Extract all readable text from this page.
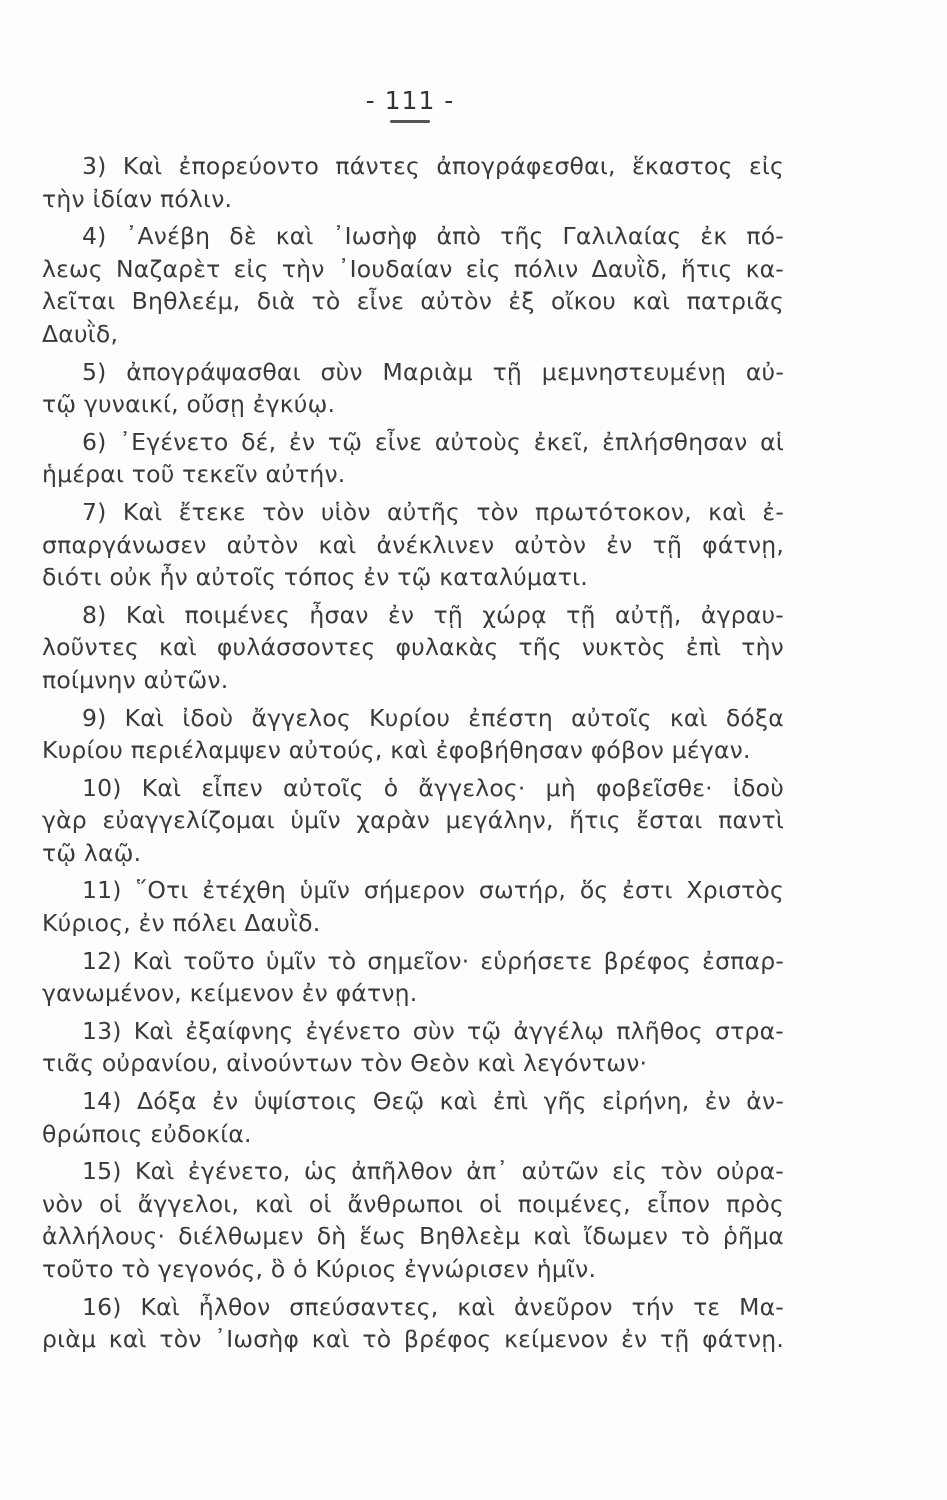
- 111 -
3) Καὶ ἐπορεύοντο πάντες ἀπογράφεσθαι, ἕκαστος εἰς
τὴν ἰδίαν πόλιν.
4) ᾿Ανέβη δὲ καὶ ᾿Ιωσὴφ ἀπὸ τῆς Γαλιλαίας ἐκ πό-
λεως Ναζαρὲτ εἰς τὴν ᾿Ιουδαίαν εἰς πόλιν Δαυῒδ, ἥτις κα-
λεῖται Βηθλεέμ, διὰ τὸ εἶνε αὐτὸν ἐξ οἴκου καὶ πατριᾶς
Δαυῒδ,
5) ἀπογράψασθαι σὺν Μαριὰμ τῇ μεμνηστευμένῃ αὐ-
τῷ γυναικί, οὔσῃ ἐγκύῳ.
6) ᾿Εγένετο δέ, ἐν τῷ εἶνε αὐτοὺς ἐκεῖ, ἐπλήσθησαν αἱ
ἡμέραι τοῦ τεκεῖν αὐτήν.
7) Καὶ ἔτεκε τὸν υἱὸν αὐτῆς τὸν πρωτότοκον, καὶ ἐ-
σπαργάνωσεν αὐτὸν καὶ ἀνέκλινεν αὐτὸν ἐν τῇ φάτνῃ,
διότι οὐκ ἦν αὐτοῖς τόπος ἐν τῷ καταλύματι.
8) Καὶ ποιμένες ἦσαν ἐν τῇ χώρᾳ τῇ αὐτῇ, ἀγραυ-
λοῦντες καὶ φυλάσσοντες φυλακὰς τῆς νυκτὸς ἐπὶ τὴν
ποίμνην αὐτῶν.
9) Καὶ ἰδοὺ ἄγγελος Κυρίου ἐπέστη αὐτοῖς καὶ δόξα
Κυρίου περιέλαμψεν αὐτούς, καὶ ἐφοβήθησαν φόβον μέγαν.
10) Καὶ εἶπεν αὐτοῖς ὁ ἄγγελος· μὴ φοβεῖσθε· ἰδοὺ
γὰρ εὐαγγελίζομαι ὑμῖν χαρὰν μεγάλην, ἥτις ἔσται παντὶ
τῷ λαῷ.
11) ῞Οτι ἐτέχθη ὑμῖν σήμερον σωτήρ, ὅς ἐστι Χριστὸς
Κύριος, ἐν πόλει Δαυῒδ.
12) Καὶ τοῦτο ὑμῖν τὸ σημεῖον· εὑρήσετε βρέφος ἐσπαρ-
γανωμένον, κείμενον ἐν φάτνῃ.
13) Καὶ ἐξαίφνης ἐγένετο σὺν τῷ ἀγγέλῳ πλῆθος στρα-
τιᾶς οὐρανίου, αἰνούντων τὸν Θεὸν καὶ λεγόντων·
14) Δόξα ἐν ὑψίστοις Θεῷ καὶ ἐπὶ γῆς εἰρήνη, ἐν ἀν-
θρώποις εὐδοκία.
15) Καὶ ἐγένετο, ὡς ἀπῆλθον ἀπ᾿ αὐτῶν εἰς τὸν οὐρα-
νὸν οἱ ἄγγελοι, καὶ οἱ ἄνθρωποι οἱ ποιμένες, εἶπον πρὸς
ἀλλήλους· διέλθωμεν δὴ ἕως Βηθλεὲμ καὶ ἴδωμεν τὸ ῥῆμα
τοῦτο τὸ γεγονός, ὃ ὁ Κύριος ἐγνώρισεν ἡμῖν.
16) Καὶ ἦλθον σπεύσαντες, καὶ ἀνεῦρον τήν τε Μα-
ριὰμ καὶ τὸν ᾿Ιωσὴφ καὶ τὸ βρέφος κείμενον ἐν τῇ φάτνῃ.
